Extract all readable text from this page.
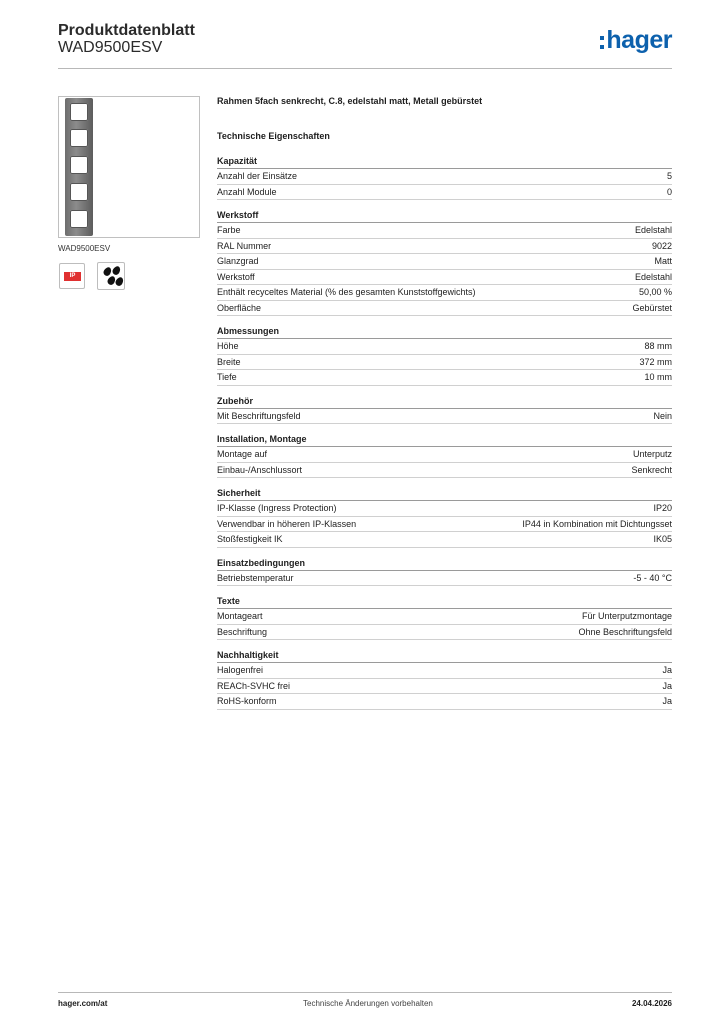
Produktdatenblatt
WAD9500ESV	hager
WAD9500ESV
IP
Rahmen 5fach senkrecht, C.8, edelstahl matt, Metall gebürstet
Technische Eigenschaften
Kapazität
Anzahl der Einsätze	5
Anzahl Module	0
Werkstoff
Farbe	Edelstahl
RAL Nummer	9022
Glanzgrad	Matt
Werkstoff	Edelstahl
Enthält recyceltes Material (% des gesamten Kunststoffgewichts)	50,00 %
Oberfläche	Gebürstet
Abmessungen
Höhe	88 mm
Breite	372 mm
Tiefe	10 mm
Zubehör
Mit Beschriftungsfeld	Nein
Installation, Montage
Montage auf	Unterputz
Einbau-/Anschlussort	Senkrecht
Sicherheit
IP-Klasse (Ingress Protection)	IP20
Verwendbar in höheren IP-Klassen	IP44 in Kombination mit Dichtungsset
Stoßfestigkeit IK	IK05
Einsatzbedingungen
Betriebstemperatur	-5 - 40 °C
Texte
Montageart	Für Unterputzmontage
Beschriftung	Ohne Beschriftungsfeld
Nachhaltigkeit
Halogenfrei	Ja
REACh-SVHC frei	Ja
RoHS-konform	Ja
hager.com/at	Technische Änderungen vorbehalten	24.04.2026
